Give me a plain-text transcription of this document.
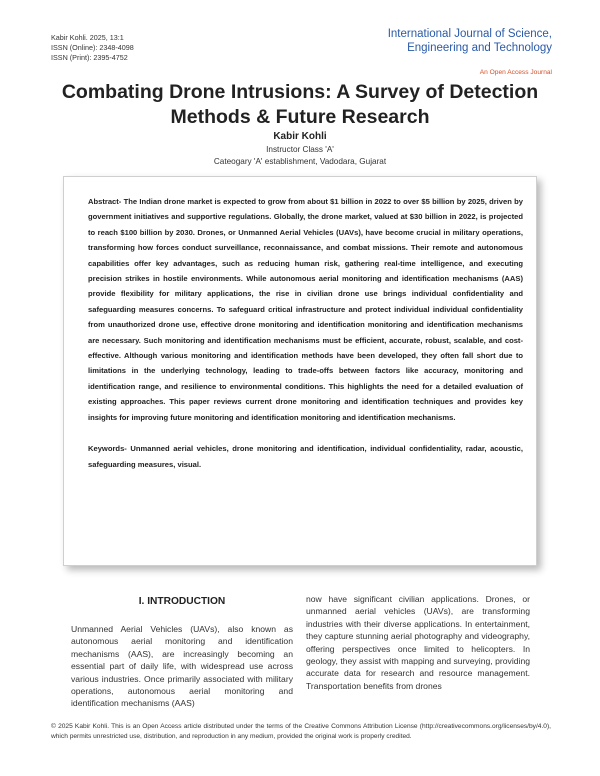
Kabir Kohli. 2025, 13:1
ISSN (Online): 2348-4098
ISSN (Print): 2395-4752
International Journal of Science,
Engineering and Technology
An Open Access Journal
Combating Drone Intrusions: A Survey of Detection
Methods & Future Research
Kabir Kohli
Instructor Class 'A'
Cateogary 'A' establishment, Vadodara, Gujarat

Abstract- The Indian drone market is expected to grow from about $1 billion in 2022 to over $5 billion by 2025, driven by government initiatives and supportive regulations. Globally, the drone market, valued at $30 billion in 2022, is projected to reach $100 billion by 2030. Drones, or Unmanned Aerial Vehicles (UAVs), have become crucial in military operations, transforming how forces conduct surveillance, reconnaissance, and combat missions. Their remote and autonomous capabilities offer key advantages, such as reducing human risk, gathering real-time intelligence, and executing precision strikes in hostile environments. While autonomous aerial monitoring and identification mechanisms (AAS) provide flexibility for military applications, the rise in civilian drone use brings individual confidentiality and safeguarding measures concerns. To safeguard critical infrastructure and protect individual individual confidentiality from unauthorized drone use, effective drone monitoring and identification monitoring and identification mechanisms are necessary. Such monitoring and identification mechanisms must be efficient, accurate, robust, scalable, and cost-effective. Although various monitoring and identification methods have been developed, they often fall short due to limitations in the underlying technology, leading to trade-offs between factors like accuracy, monitoring and identification range, and resilience to environmental conditions. This highlights the need for a detailed evaluation of existing approaches. This paper reviews current drone monitoring and identification techniques and provides key insights for improving future monitoring and identification monitoring and identification mechanisms.

Keywords- Unmanned aerial vehicles, drone monitoring and identification, individual confidentiality, radar, acoustic, safeguarding measures, visual.

I. INTRODUCTION

Unmanned Aerial Vehicles (UAVs), also known as autonomous aerial monitoring and identification mechanisms (AAS), are increasingly becoming an essential part of daily life, with widespread use across various industries. Once primarily associated with military operations, autonomous aerial monitoring and identification mechanisms (AAS)

now have significant civilian applications. Drones, or unmanned aerial vehicles (UAVs), are transforming industries with their diverse applications. In entertainment, they capture stunning aerial photography and videography, offering perspectives once limited to helicopters. In geology, they assist with mapping and surveying, providing accurate data for research and resource management. Transportation benefits from drones

© 2025 Kabir Kohli. This is an Open Access article distributed under the terms of the Creative Commons Attribution License (http://creativecommons.org/licenses/by/4.0), which permits unrestricted use, distribution, and reproduction in any medium, provided the original work is properly credited.
